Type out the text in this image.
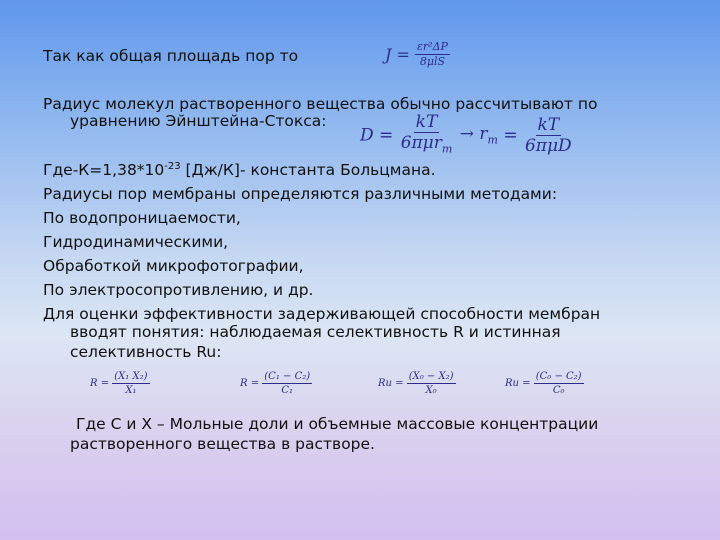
Так как общая площадь пор то	$J = \frac{\text{εr²ΔP}}{\text{8μlS}}$

Радиус молекул растворенного вещества обычно рассчитывают по

уравнению Эйнштейна-Стокса:

$D = \frac{kT}{6\pi\mu r_m} \to r_m = \frac{kT}{\text{6πμD}}$

Где-$К=1,38*10^{-23}$ [Дж/К]- константа Больцмана.

Радиусы пор мембраны определяются различными методами:

По водопроницаемости,

Гидродинамическими,

Обработкой микрофотографии,

По электросопротивлению, и др.

Для оценки эффективности задерживающей способности мембран

вводят понятия: наблюдаемая селективность R и истинная

селективность Ru:

$R = \frac{\text{(X₁ X₂)}}{\text{X₁}}$	$R = \frac{\text{(C₁ − C₂)}}{\text{C₁}}$	$Ru = \frac{\text{(X₀ − X₂)}}{\text{X₀}}$	$Ru = \frac{\text{(C₀ − C₂)}}{\text{C₀}}$

Где С и Х – Мольные доли и объемные массовые концентрации

растворенного вещества в растворе.
